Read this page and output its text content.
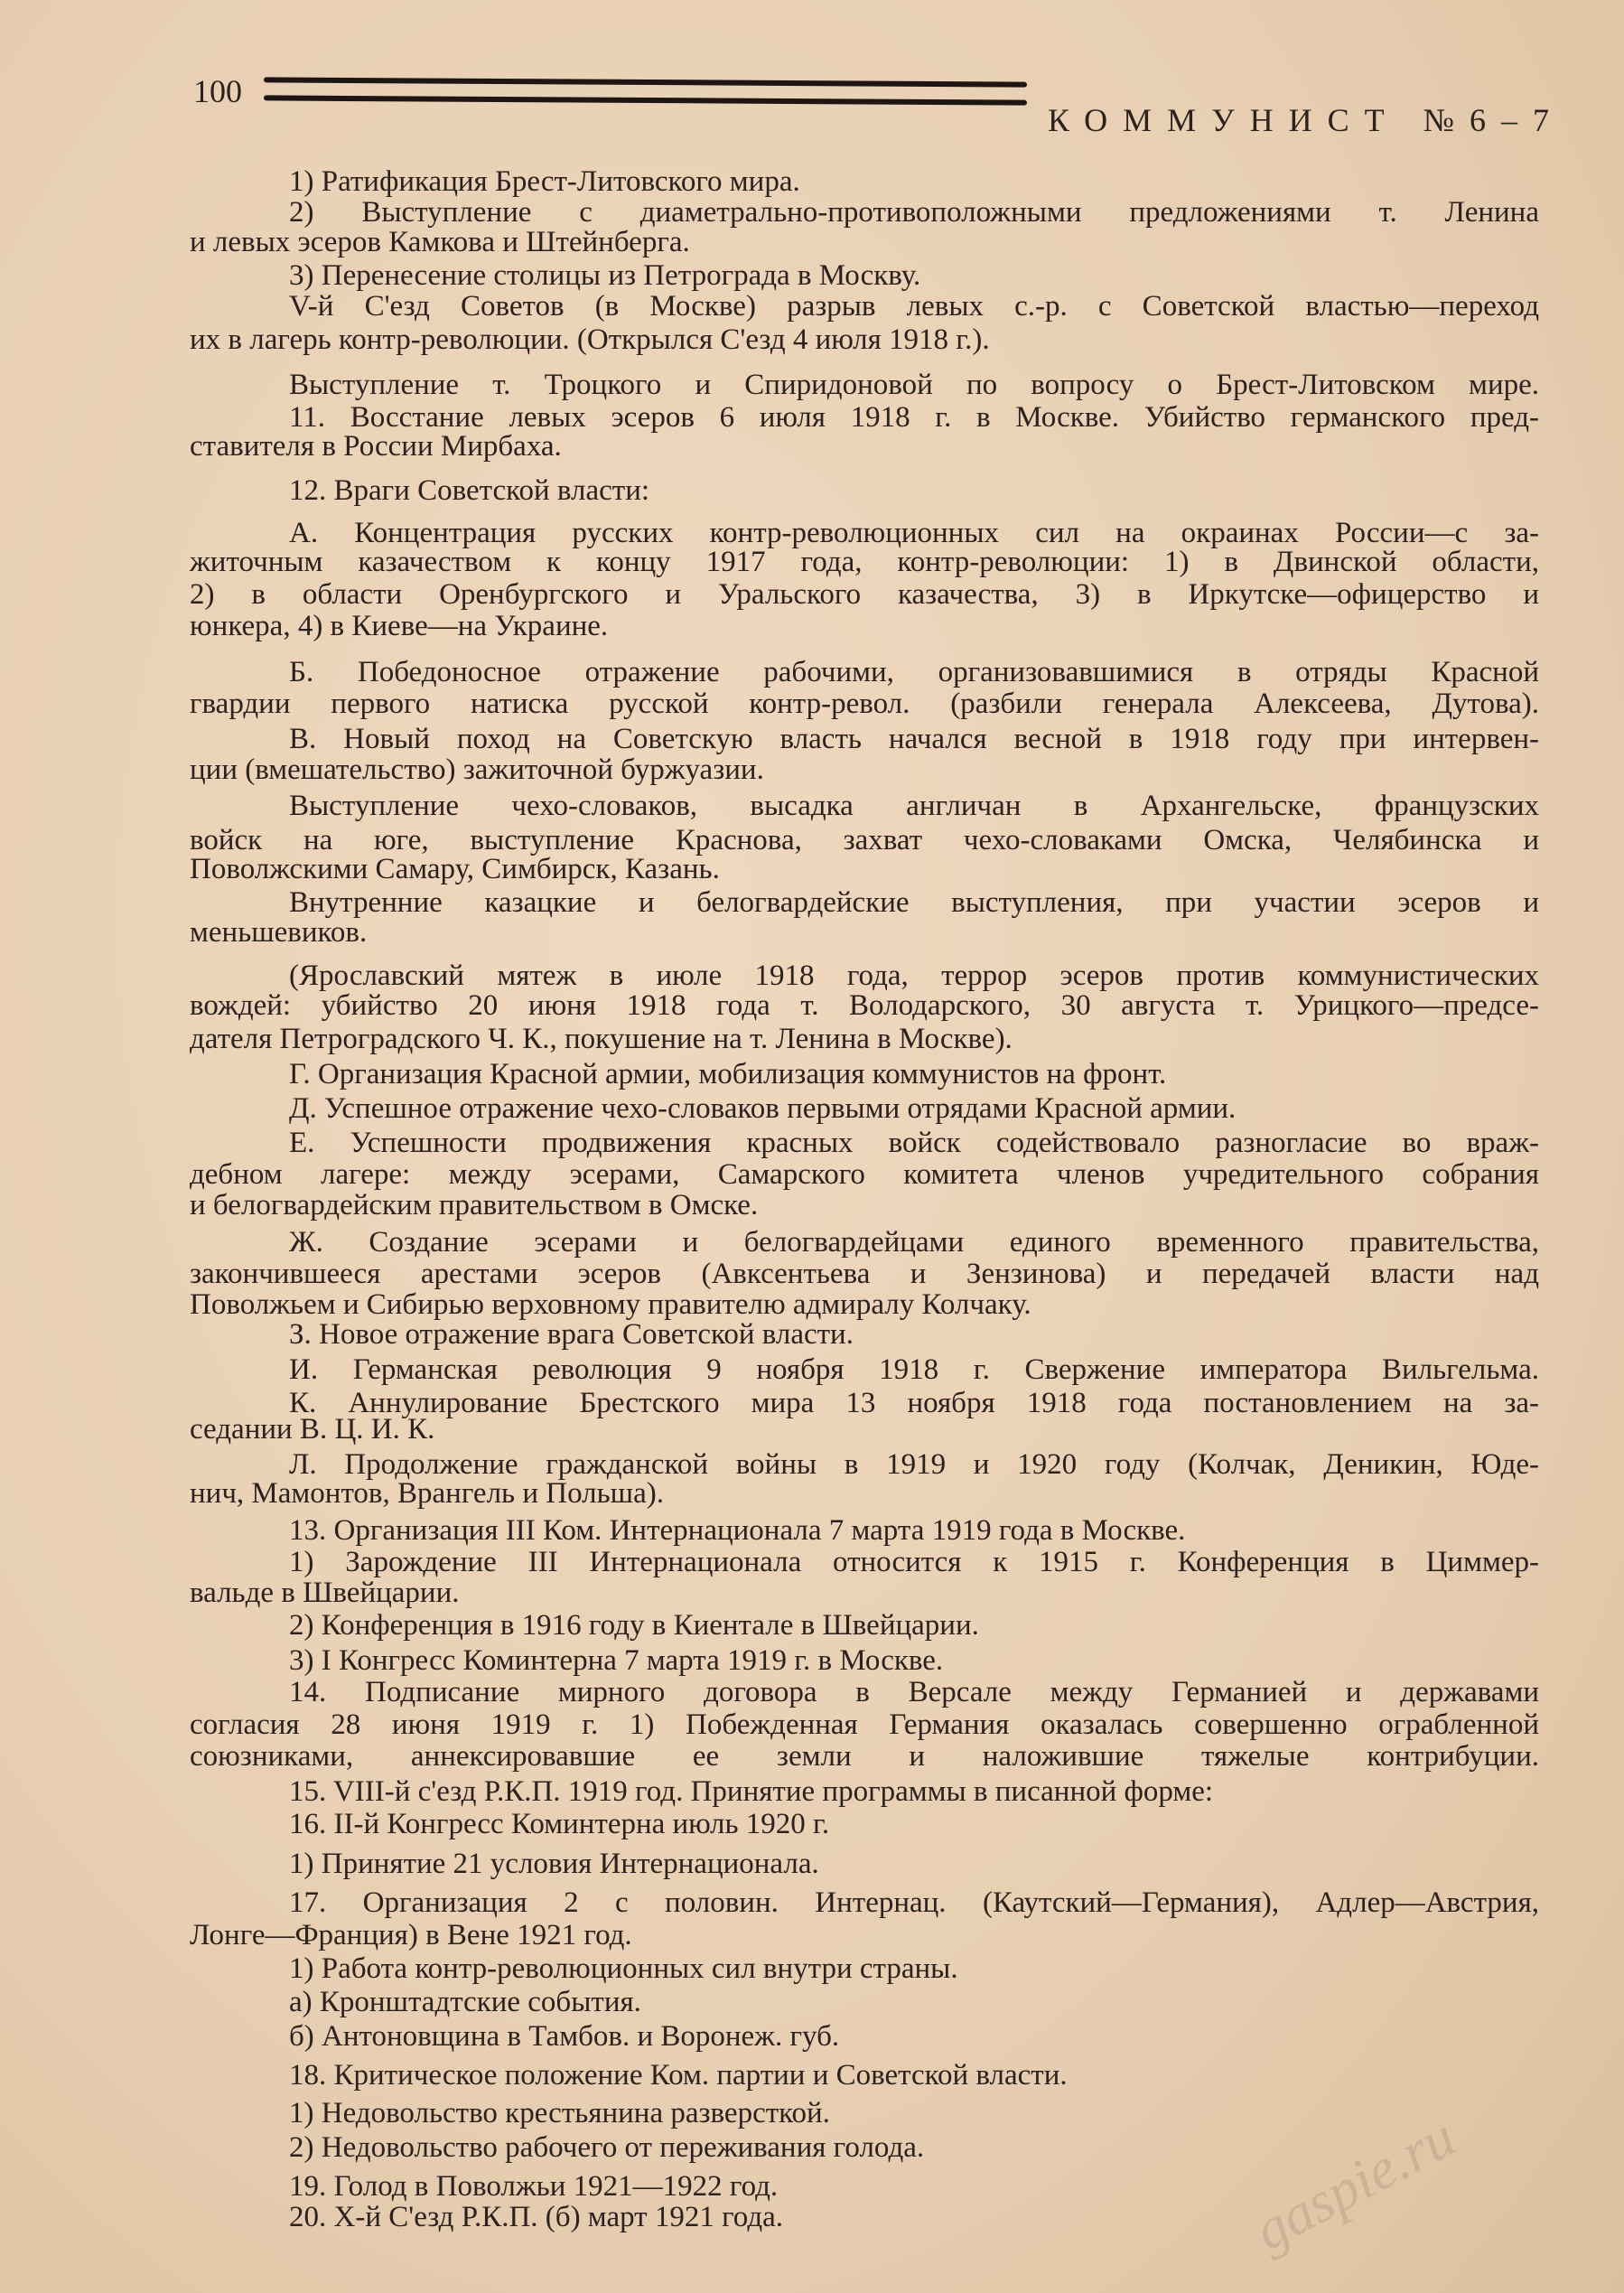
100
КОММУНИСТ №6–7
1) Ратификация Брест-Литовского мира.
2) Выступление с диаметрально-противоположными предложениями т. Ленина
и левых эсеров Камкова и Штейнберга.
3) Перенесение столицы из Петрограда в Москву.
V-й С'езд Советов (в Москве) разрыв левых с.-р. с Советской властью—переход
их в лагерь контр-революции. (Открылся С'езд 4 июля 1918 г.).
Выступление т. Троцкого и Спиридоновой по вопросу о Брест-Литовском мире.
11. Восстание левых эсеров 6 июля 1918 г. в Москве. Убийство германского пред-
ставителя в России Мирбаха.
12. Враги Советской власти:
А. Концентрация русских контр-революционных сил на окраинах России—с за-
житочным казачеством к концу 1917 года, контр-революции: 1) в Двинской области,
2) в области Оренбургского и Уральского казачества, 3) в Иркутске—офицерство и
юнкера, 4) в Киеве—на Украине.
Б. Победоносное отражение рабочими, организовавшимися в отряды Красной
гвардии первого натиска русской контр-револ. (разбили генерала Алексеева, Дутова).
В. Новый поход на Советскую власть начался весной в 1918 году при интервен-
ции (вмешательство) зажиточной буржуазии.
Выступление чехо-словаков, высадка англичан в Архангельске, французских
войск на юге, выступление Краснова, захват чехо-словаками Омска, Челябинска и
Поволжскими Самару, Симбирск, Казань.
Внутренние казацкие и белогвардейские выступления, при участии эсеров и
меньшевиков.
(Ярославский мятеж в июле 1918 года, террор эсеров против коммунистических
вождей: убийство 20 июня 1918 года т. Володарского, 30 августа т. Урицкого—предсе-
дателя Петроградского Ч. К., покушение на т. Ленина в Москве).
Г. Организация Красной армии, мобилизация коммунистов на фронт.
Д. Успешное отражение чехо-словаков первыми отрядами Красной армии.
Е. Успешности продвижения красных войск содействовало разногласие во враж-
дебном лагере: между эсерами, Самарского комитета членов учредительного собрания
и белогвардейским правительством в Омске.
Ж. Создание эсерами и белогвардейцами единого временного правительства,
закончившееся арестами эсеров (Авксентьева и Зензинова) и передачей власти над
Поволжьем и Сибирью верховному правителю адмиралу Колчаку.
З. Новое отражение врага Советской власти.
И. Германская революция 9 ноября 1918 г. Свержение императора Вильгельма.
К. Аннулирование Брестского мира 13 ноября 1918 года постановлением на за-
седании В. Ц. И. К.
Л. Продолжение гражданской войны в 1919 и 1920 году (Колчак, Деникин, Юде-
нич, Мамонтов, Врангель и Польша).
13. Организация III Ком. Интернационала 7 марта 1919 года в Москве.
1) Зарождение III Интернационала относится к 1915 г. Конференция в Циммер-
вальде в Швейцарии.
2) Конференция в 1916 году в Киентале в Швейцарии.
3) I Конгресс Коминтерна 7 марта 1919 г. в Москве.
14. Подписание мирного договора в Версале между Германией и державами
согласия 28 июня 1919 г. 1) Побежденная Германия оказалась совершенно ограбленной
союзниками, аннексировавшие ее земли и наложившие тяжелые контрибуции.
15. VIII-й с'езд Р.К.П. 1919 год. Принятие программы в писанной форме:
16. II-й Конгресс Коминтерна июль 1920 г.
1) Принятие 21 условия Интернационала.
17. Организация 2 с половин. Интернац. (Каутский—Германия), Адлер—Австрия,
Лонге—Франция) в Вене 1921 год.
1) Работа контр-революционных сил внутри страны.
а) Кронштадтские события.
б) Антоновщина в Тамбов. и Воронеж. губ.
18. Критическое положение Ком. партии и Советской власти.
1) Недовольство крестьянина разверсткой.
2) Недовольство рабочего от переживания голода.
19. Голод в Поволжьи 1921—1922 год.
20. X-й С'езд Р.К.П. (б) март 1921 года.	gaspie.ru
